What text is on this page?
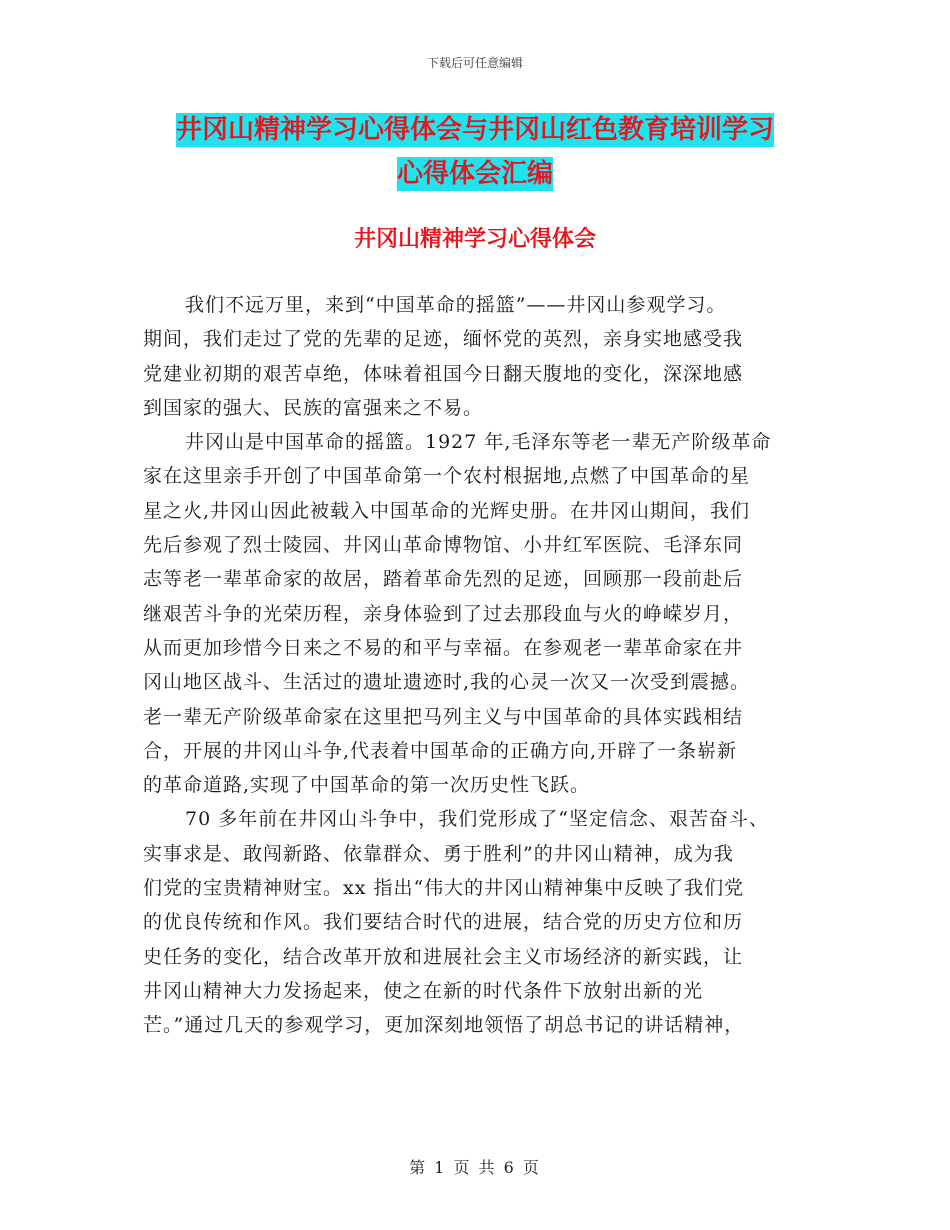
下载后可任意编辑
井冈山精神学习心得体会与井冈山红色教育培训学习
心得体会汇编
井冈山精神学习心得体会
我们不远万里，来到“中国革命的摇篮”——井冈山参观学习。
期间，我们走过了党的先辈的足迹，缅怀党的英烈，亲身实地感受我
党建业初期的艰苦卓绝，体味着祖国今日翻天腹地的变化，深深地感
到国家的强大、民族的富强来之不易。
井冈山是中国革命的摇篮。1927 年,毛泽东等老一辈无产阶级革命
家在这里亲手开创了中国革命第一个农村根据地,点燃了中国革命的星
星之火,井冈山因此被载入中国革命的光辉史册。在井冈山期间，我们
先后参观了烈士陵园、井冈山革命博物馆、小井红军医院、毛泽东同
志等老一辈革命家的故居，踏着革命先烈的足迹，回顾那一段前赴后
继艰苦斗争的光荣历程，亲身体验到了过去那段血与火的峥嵘岁月，
从而更加珍惜今日来之不易的和平与幸福。在参观老一辈革命家在井
冈山地区战斗、生活过的遗址遗迹时,我的心灵一次又一次受到震撼。
老一辈无产阶级革命家在这里把马列主义与中国革命的具体实践相结
合，开展的井冈山斗争,代表着中国革命的正确方向,开辟了一条崭新
的革命道路,实现了中国革命的第一次历史性飞跃。
70 多年前在井冈山斗争中，我们党形成了“坚定信念、艰苦奋斗、
实事求是、敢闯新路、依靠群众、勇于胜利”的井冈山精神，成为我
们党的宝贵精神财宝。xx 指出“伟大的井冈山精神集中反映了我们党
的优良传统和作风。我们要结合时代的进展，结合党的历史方位和历
史任务的变化，结合改革开放和进展社会主义市场经济的新实践，让
井冈山精神大力发扬起来，使之在新的时代条件下放射出新的光
芒。”通过几天的参观学习，更加深刻地领悟了胡总书记的讲话精神，
第 1 页 共 6 页
